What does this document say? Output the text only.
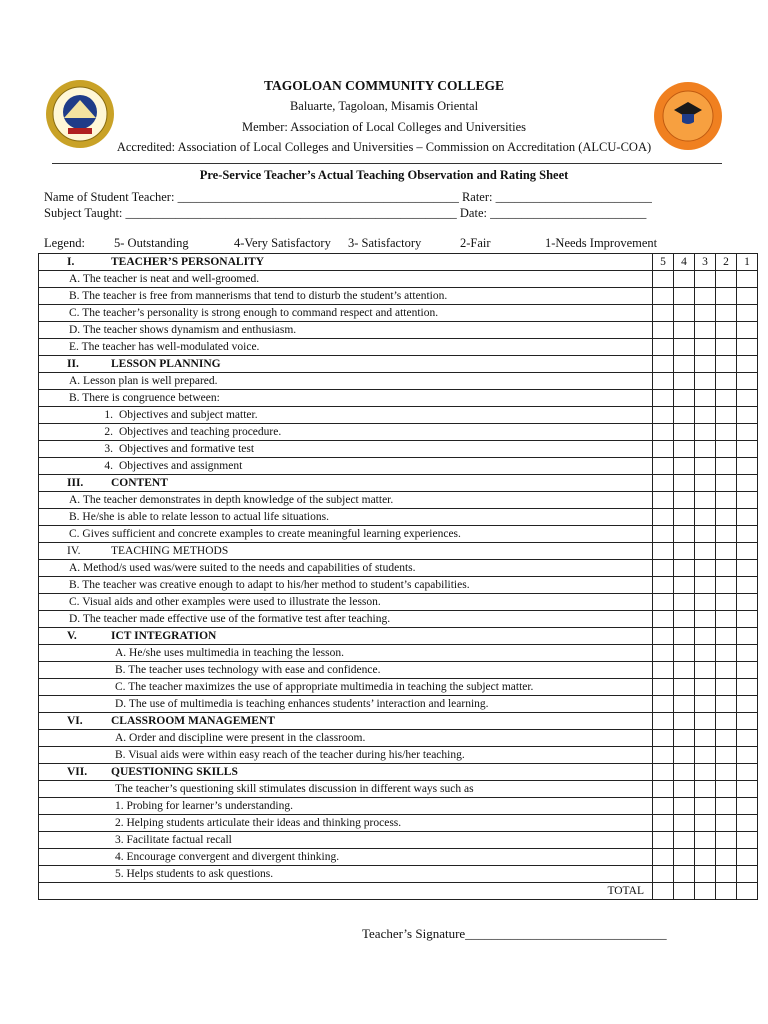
TAGOLOAN COMMUNITY COLLEGE
Baluarte, Tagoloan, Misamis Oriental
Member: Association of Local Colleges and Universities
Accredited: Association of Local Colleges and Universities – Commission on Accreditation (ALCU-COA)
Pre-Service Teacher’s Actual Teaching Observation and Rating Sheet
Name of Student Teacher: _____________________________________________ Rater: _________________________
Subject Taught: _____________________________________________________ Date: _________________________
Legend: 5- Outstanding	4-Very Satisfactory 3- Satisfactory	2-Fair	1-Needs Improvement
I. TEACHER’S PERSONALITY	5	4	3	2	1
A. The teacher is neat and well-groomed.					
B. The teacher is free from mannerisms that tend to disturb the student’s attention.					
C. The teacher’s personality is strong enough to command respect and attention.					
D. The teacher shows dynamism and enthusiasm.					
E. The teacher has well-modulated voice.					
II. LESSON PLANNING					
A. Lesson plan is well prepared.					
B. There is congruence between:					
1. Objectives and subject matter.					
2. Objectives and teaching procedure.					
3. Objectives and formative test					
4. Objectives and assignment					
III. CONTENT					
A. The teacher demonstrates in depth knowledge of the subject matter.					
B. He/she is able to relate lesson to actual life situations.					
C. Gives sufficient and concrete examples to create meaningful learning experiences.					
IV. TEACHING METHODS					
A. Method/s used was/were suited to the needs and capabilities of students.					
B. The teacher was creative enough to adapt to his/her method to student’s capabilities.					
C. Visual aids and other examples were used to illustrate the lesson.					
D. The teacher made effective use of the formative test after teaching.					
V. ICT INTEGRATION					
A. He/she uses multimedia in teaching the lesson.					
B. The teacher uses technology with ease and confidence.					
C. The teacher maximizes the use of appropriate multimedia in teaching the subject matter.					
D. The use of multimedia is teaching enhances students’ interaction and learning.					
VI. CLASSROOM MANAGEMENT					
A. Order and discipline were present in the classroom.					
B. Visual aids were within easy reach of the teacher during his/her teaching.					
VII. QUESTIONING SKILLS					
The teacher’s questioning skill stimulates discussion in different ways such as					
1. Probing for learner’s understanding.					
2. Helping students articulate their ideas and thinking process.					
3. Facilitate factual recall					
4. Encourage convergent and divergent thinking.					
5. Helps students to ask questions.					
TOTAL					
Teacher’s Signature_______________________________
